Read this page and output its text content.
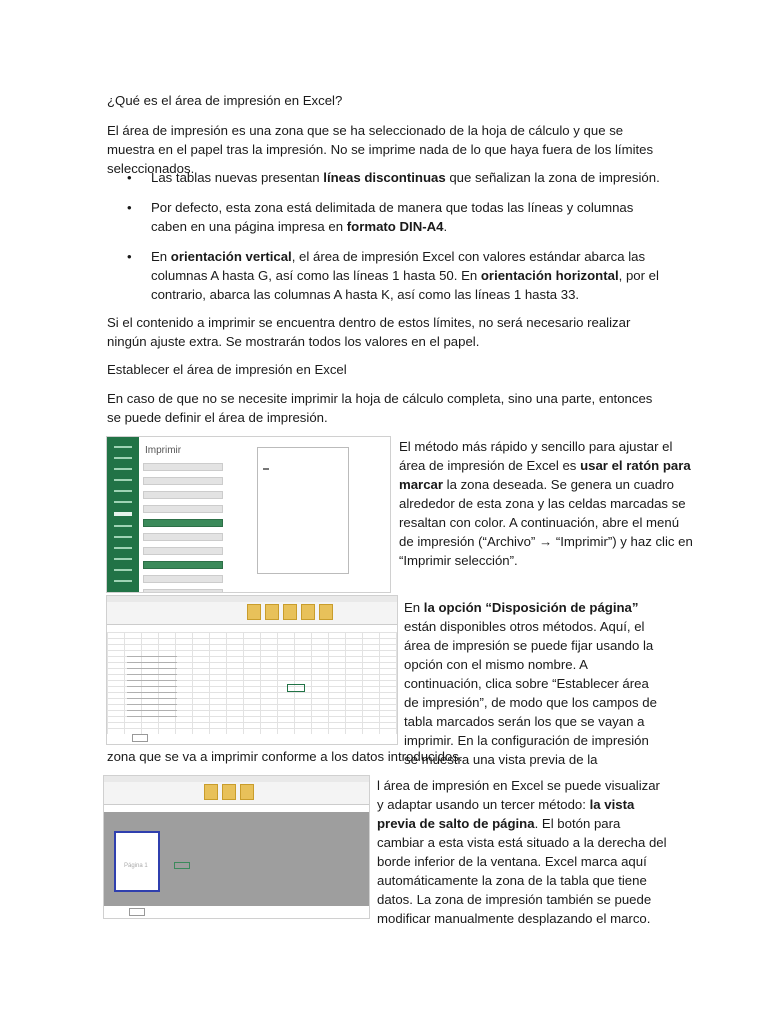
¿Qué es el área de impresión en Excel?

El área de impresión es una zona que se ha seleccionado de la hoja de cálculo y que se muestra en el papel tras la impresión. No se imprime nada de lo que haya fuera de los límites seleccionados.

• Las tablas nuevas presentan líneas discontinuas que señalizan la zona de impresión.
• Por defecto, esta zona está delimitada de manera que todas las líneas y columnas caben en una página impresa en formato DIN-A4.
• En orientación vertical, el área de impresión Excel con valores estándar abarca las columnas A hasta G, así como las líneas 1 hasta 50. En orientación horizontal, por el contrario, abarca las columnas A hasta K, así como las líneas 1 hasta 33.

Si el contenido a imprimir se encuentra dentro de estos límites, no será necesario realizar ningún ajuste extra. Se mostrarán todos los valores en el papel.

Establecer el área de impresión en Excel

En caso de que no se necesite imprimir la hoja de cálculo completa, sino una parte, entonces se puede definir el área de impresión.

Imprimir	El método más rápido y sencillo para ajustar el área de impresión de Excel es usar el ratón para marcar la zona deseada. Se genera un cuadro alrededor de esta zona y las celdas marcadas se resaltan con color. A continuación, abre el menú de impresión (“Archivo” → “Imprimir”) y haz clic en “Imprimir selección”.

En la opción “Disposición de página” están disponibles otros métodos. Aquí, el área de impresión se puede fijar usando la opción con el mismo nombre. A continuación, clica sobre “Establecer área de impresión”, de modo que los campos de tabla marcados serán los que se vayan a imprimir. En la configuración de impresión se muestra una vista previa de la

zona que se va a imprimir conforme a los datos introducidos.

Página 1

l área de impresión en Excel se puede visualizar y adaptar usando un tercer método: la vista previa de salto de página. El botón para cambiar a esta vista está situado a la derecha del borde inferior de la ventana. Excel marca aquí automáticamente la zona de la tabla que tiene datos. La zona de impresión también se puede modificar manualmente desplazando el marco.
